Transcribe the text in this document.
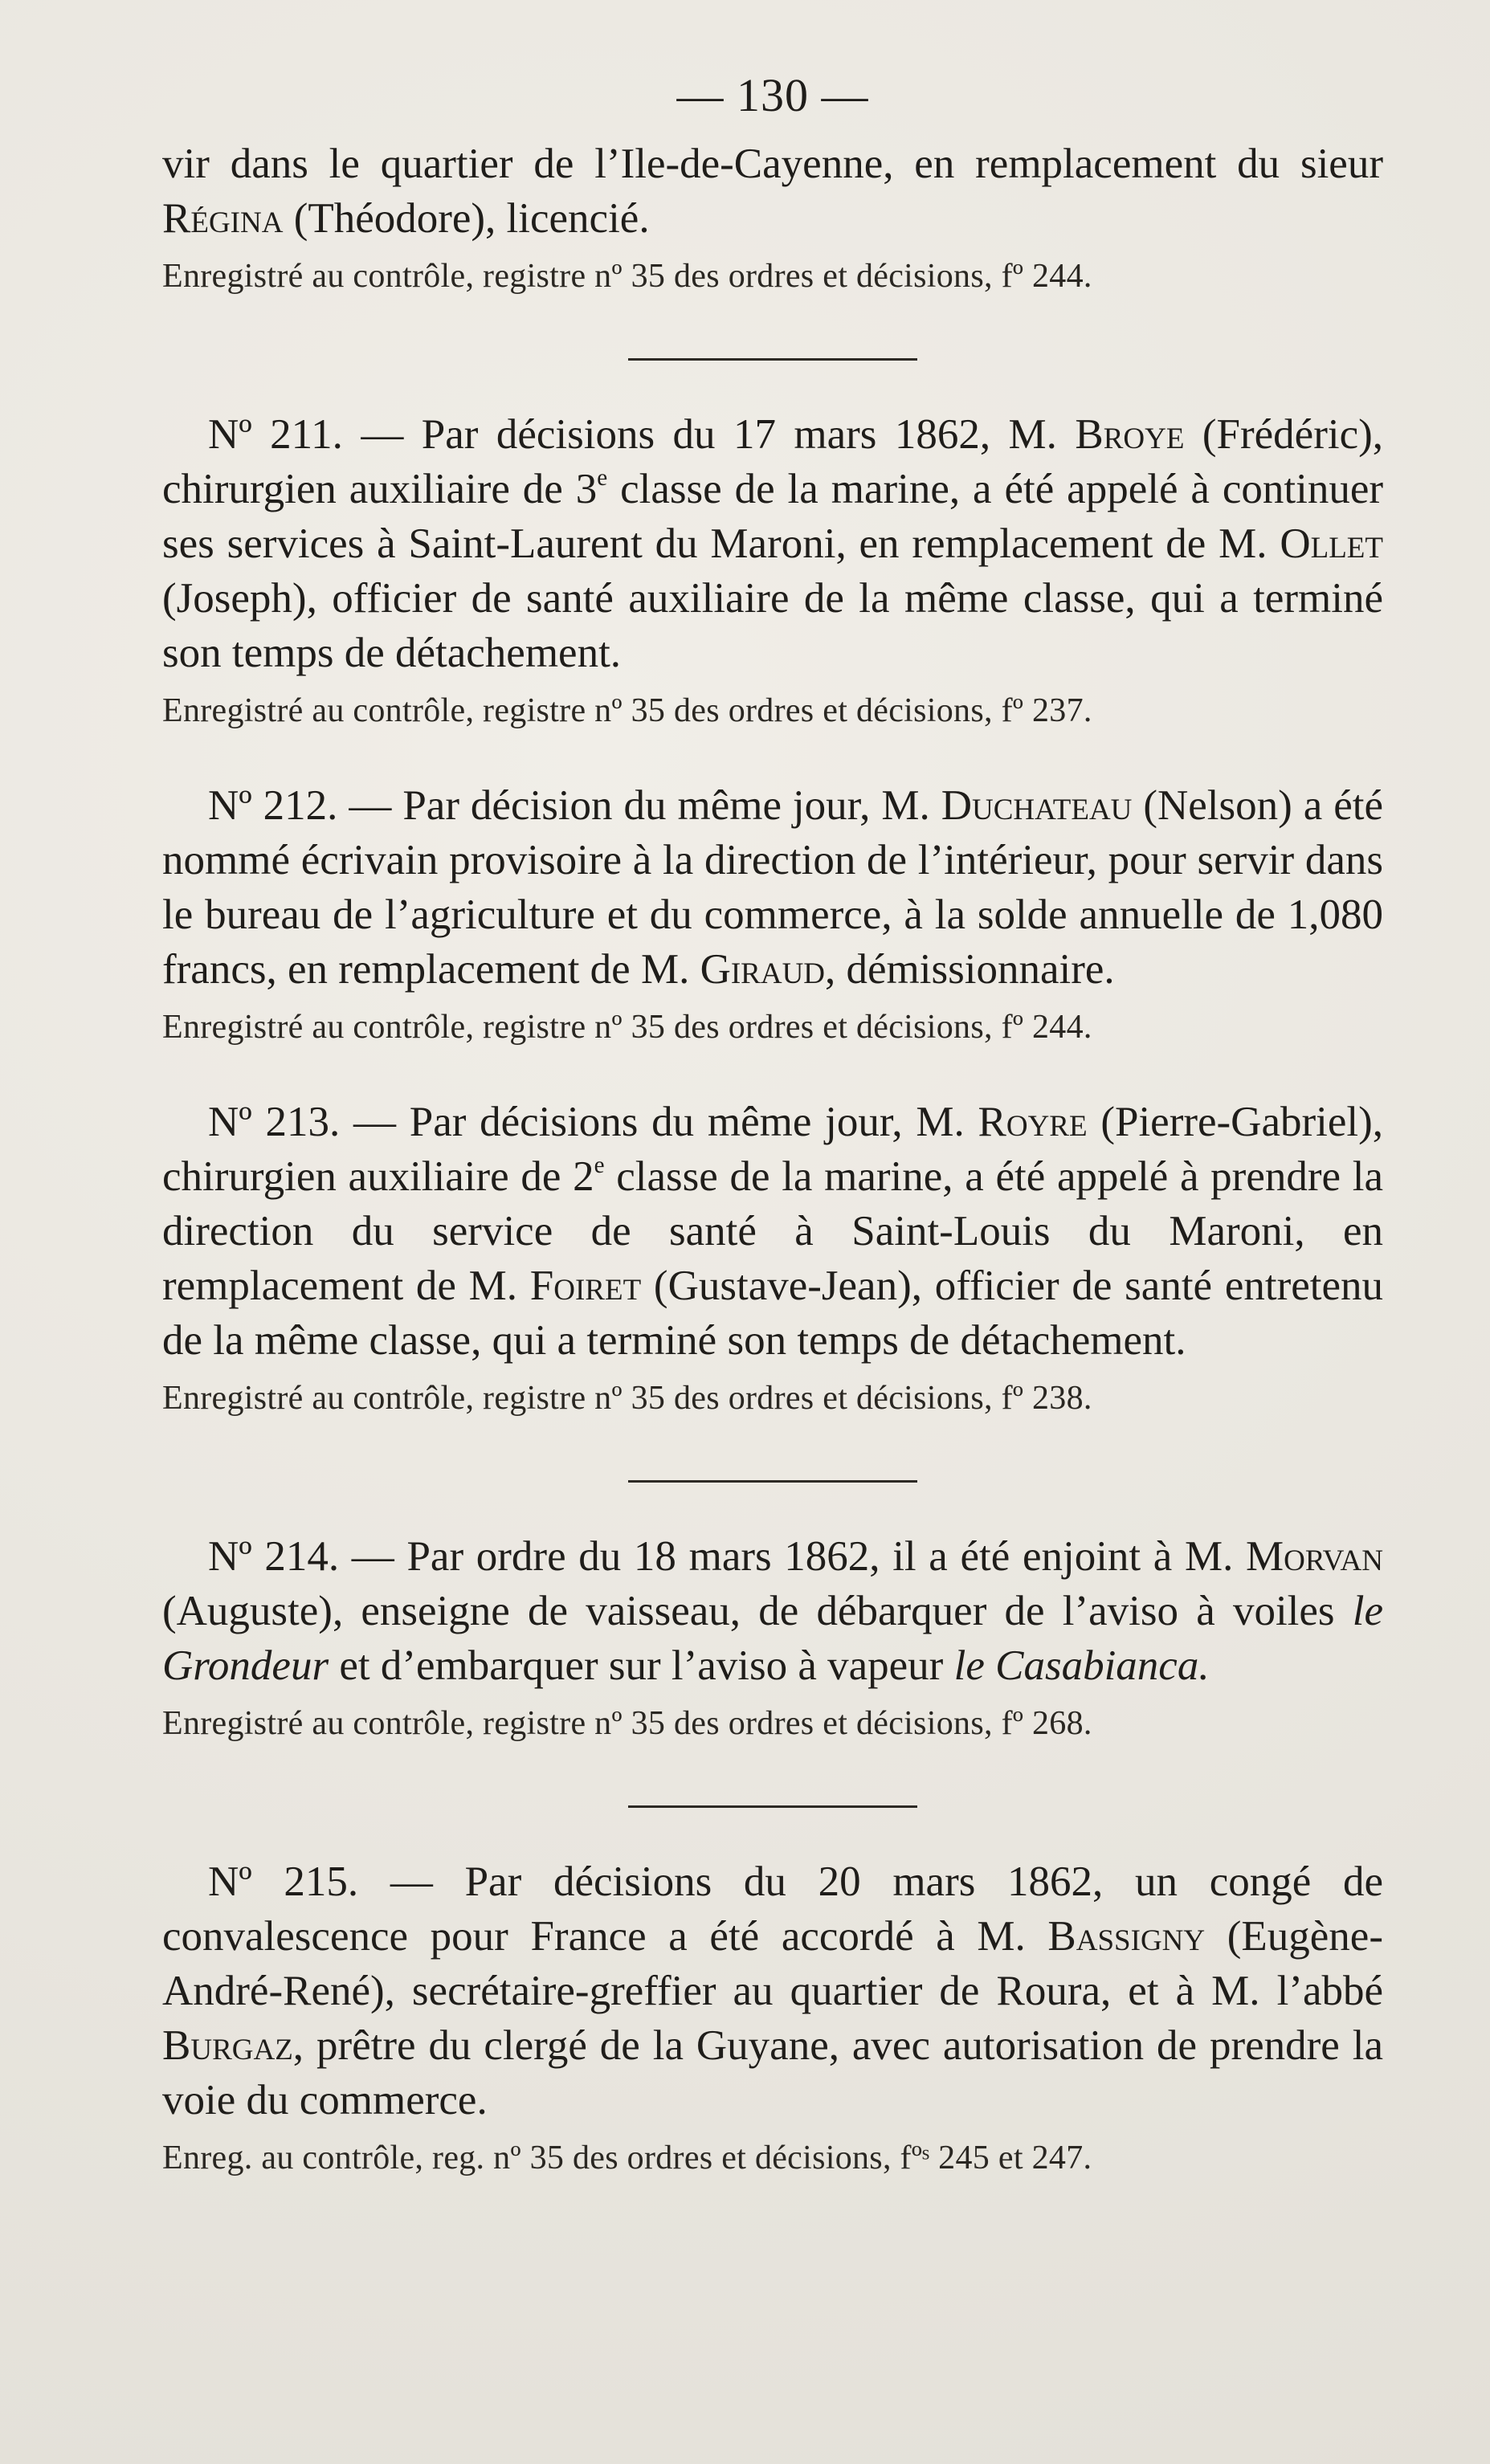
— 130 —

vir dans le quartier de l’Ile-de-Cayenne, en remplacement du sieur Régina (Théodore), licencié.

Enregistré au contrôle, registre nº 35 des ordres et décisions, fº 244.

Nº 211. — Par décisions du 17 mars 1862, M. Broye (Frédéric), chirurgien auxiliaire de 3e classe de la marine, a été appelé à continuer ses services à Saint-Laurent du Maroni, en remplacement de M. Ollet (Joseph), officier de santé auxiliaire de la même classe, qui a terminé son temps de détachement.

Enregistré au contrôle, registre nº 35 des ordres et décisions, fº 237.

Nº 212. — Par décision du même jour, M. Duchateau (Nelson) a été nommé écrivain provisoire à la direction de l’intérieur, pour servir dans le bureau de l’agriculture et du commerce, à la solde annuelle de 1,080 francs, en remplacement de M. Giraud, démissionnaire.

Enregistré au contrôle, registre nº 35 des ordres et décisions, fº 244.

Nº 213. — Par décisions du même jour, M. Royre (Pierre-Gabriel), chirurgien auxiliaire de 2e classe de la marine, a été appelé à prendre la direction du service de santé à Saint-Louis du Maroni, en remplacement de M. Foiret (Gustave-Jean), officier de santé entretenu de la même classe, qui a terminé son temps de détachement.

Enregistré au contrôle, registre nº 35 des ordres et décisions, fº 238.

Nº 214. — Par ordre du 18 mars 1862, il a été enjoint à M. Morvan (Auguste), enseigne de vaisseau, de débarquer de l’aviso à voiles le Grondeur et d’embarquer sur l’aviso à vapeur le Casabianca.

Enregistré au contrôle, registre nº 35 des ordres et décisions, fº 268.

Nº 215. — Par décisions du 20 mars 1862, un congé de convalescence pour France a été accordé à M. Bassigny (Eugène-André-René), secrétaire-greffier au quartier de Roura, et à M. l’abbé Burgaz, prêtre du clergé de la Guyane, avec autorisation de prendre la voie du commerce.

Enreg. au contrôle, reg. nº 35 des ordres et décisions, fºˢ 245 et 247.
